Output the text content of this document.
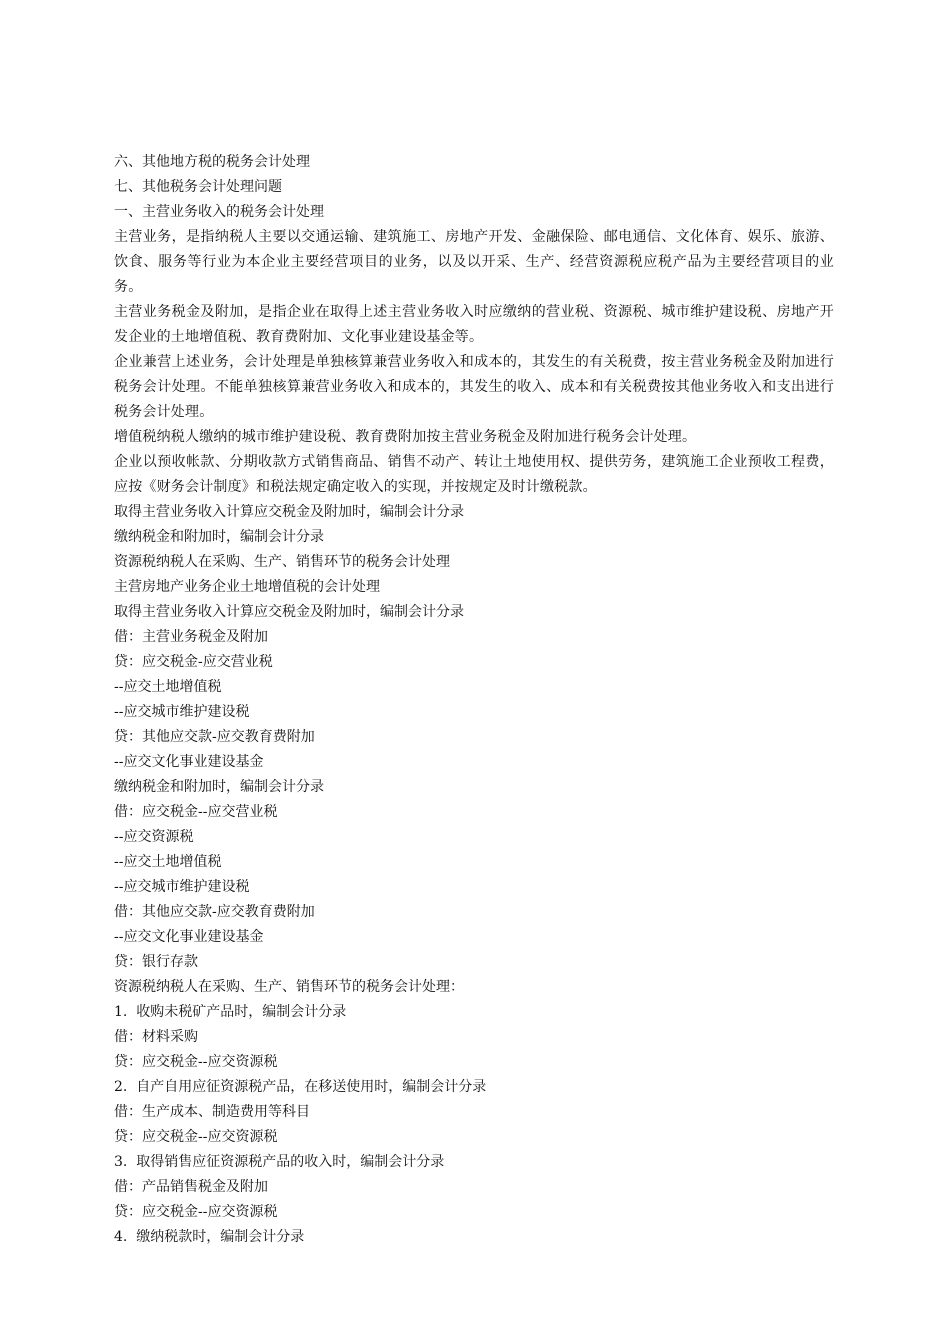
六、其他地方税的税务会计处理
七、其他税务会计处理问题
一、主营业务收入的税务会计处理
主营业务，是指纳税人主要以交通运输、建筑施工、房地产开发、金融保险、邮电通信、文化体育、娱乐、旅游、饮食、服务等行业为本企业主要经营项目的业务，以及以开采、生产、经营资源税应税产品为主要经营项目的业务。
主营业务税金及附加，是指企业在取得上述主营业务收入时应缴纳的营业税、资源税、城市维护建设税、房地产开发企业的土地增值税、教育费附加、文化事业建设基金等。
企业兼营上述业务，会计处理是单独核算兼营业务收入和成本的，其发生的有关税费，按主营业务税金及附加进行税务会计处理。不能单独核算兼营业务收入和成本的，其发生的收入、成本和有关税费按其他业务收入和支出进行税务会计处理。
增值税纳税人缴纳的城市维护建设税、教育费附加按主营业务税金及附加进行税务会计处理。
企业以预收帐款、分期收款方式销售商品、销售不动产、转让土地使用权、提供劳务，建筑施工企业预收工程费，应按《财务会计制度》和税法规定确定收入的实现，并按规定及时计缴税款。
取得主营业务收入计算应交税金及附加时，编制会计分录
缴纳税金和附加时，编制会计分录
资源税纳税人在采购、生产、销售环节的税务会计处理
主营房地产业务企业土地增值税的会计处理
取得主营业务收入计算应交税金及附加时，编制会计分录
借：主营业务税金及附加
贷：应交税金-应交营业税
--应交土地增值税
--应交城市维护建设税
贷：其他应交款-应交教育费附加
--应交文化事业建设基金
缴纳税金和附加时，编制会计分录
借：应交税金--应交营业税
--应交资源税
--应交土地增值税
--应交城市维护建设税
借：其他应交款-应交教育费附加
--应交文化事业建设基金
贷：银行存款
资源税纳税人在采购、生产、销售环节的税务会计处理：
1.  收购未税矿产品时，编制会计分录
借：材料采购
贷：应交税金--应交资源税
2.  自产自用应征资源税产品，在移送使用时，编制会计分录
借：生产成本、制造费用等科目
贷：应交税金--应交资源税
3.  取得销售应征资源税产品的收入时，编制会计分录
借：产品销售税金及附加
贷：应交税金--应交资源税
4.  缴纳税款时，编制会计分录
